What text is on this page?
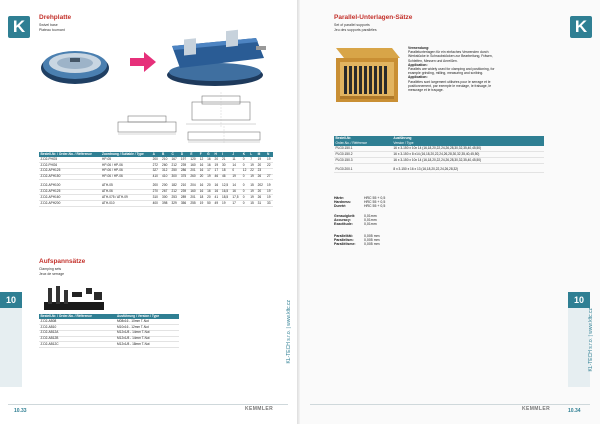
10
Drehplatte
Swivel base
Plateau tournant
Bestell-Nr. / Order-No. / Référence	Zuordnung / Suitable / Type	A	B	C	D	E	F	G	H	I	J	K	L	M	N
Z.D2-PHG5	HP-05	200	210	167	197	120	12	16	20	21	11	0	7	19	19
Z.D2-PHG6	HP-06 / HP-06	272	260	212	239	160	16	16	19	30	14	0	19	20	22
Z.D2-APH125	HP-06 / HP-06	327	312	250	286	201	16	17	17	18	0	12	22	23	
Z.D2-APH150	HP-06 / HP-06	410	410	300	375	260	20	19	46	46	19	0	19	26	27

Z.D2-APH100	ATH-05	200	200	182	210	204	16	20	16	12,5	14	0	15	202	19
Z.D2-APH125	ATH-06	270	267	212	239	160	16	16	16	16,5	16	0	19	20	19
Z.D2-APH160	ATH-075 / ATH-09	310	300	253	289	201	18	20	41	18,5	17,5	0	19	26	19
Z.D2-APH200	ATH-010	400	398	329	356	255	19	50	49	19	17	0	15	31	33
Aufspannsätze
Clamping sets
Jeux de serrage
Bestell-Nr. / Order-No. / Référence	Ausführung / Version / Type
Z.D2-AB08	M08x16 - 10mm T-Nut
Z.D2-AB10	M10x16 - 12mm T-Nut
Z.D2-AB12A	M12x1/8 - 14mm T-Nut
Z.D2-AB12B	M12x1/8 - 14mm T-Nut
Z.D2-AB12C	M12x1/8 - 18mm T-Nut	KL-TECH s.r.o. | www.kltc.cz
10.33	KEMMLER
K
10
KL-TECH s.r.o. | www.kltc.cz
Parallel-Unterlagen-Sätze
Set of parallel supports
Jeu des supports parallèles
Verwendung:
Parallelunterlagen für ein einfaches Verwenden durch Werkstücke in Schraubstöcken zur Bearbeitung, Fräsen, Schleifen, Messen und Anreißen.
Application:
Parallels are widely used for clamping and positioning, for example grinding, milling, measuring and scribing.
Application:
Parallèles sont largement utilisées pour le serrage et le positionnement, par exemple le meulage, le fraisage, le mesurage et le traçage.
Bestell-Nr.	Ausführung
Order-No. / Référence	Version / Type
PLG0.150.1	16 x 3-150 x 10x 14 (16,18,20,22,24,26,28,30,32,35,40,45,50)
PLG0.150.2	16 x 3-150 x 8 x14 (16,18,20,22,24,26,28,30,32,35,40,45,50)
PLG0.150.3	16 x 3-150 x 10x 14 (16,18,20,22,24,26,28,30,32,35,40,45,50)

PLG0.200.1	8 x 3-150 x 16 x 13 (16,18,20,22,24,26,28,32)
Härte:	HRC 55 + 0,5
Hardness:	HRC 55 + 0,5
Dureté:	HRC 55 + 0,5
Genauigkeit:	0,01mm
Accuracy:	0,01mm
Exactitude:	0,01mm
Parallelität:	0,005 mm
Parallelism:	0,005 mm
Parallélisme: 0,005 mm
KEMMLER	10.34
K
